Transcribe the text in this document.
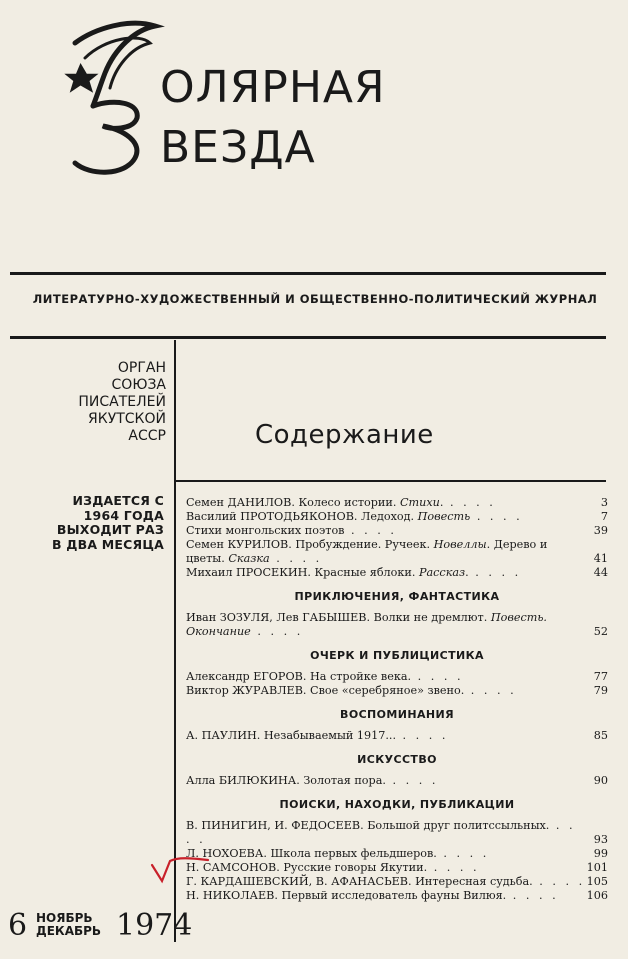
ОЛЯРНАЯ
ВЕЗДА
ЛИТЕРАТУРНО-ХУДОЖЕСТВЕННЫЙ И ОБЩЕСТВЕННО-ПОЛИТИЧЕСКИЙ ЖУРНАЛ
ОРГАН
СОЮЗА
ПИСАТЕЛЕЙ
ЯКУТСКОЙ
АССР
ИЗДАЕТСЯ С
1964 ГОДА
ВЫХОДИТ РАЗ
В ДВА МЕСЯЦА
Содержание
Семен ДАНИЛОВ. Колесо истории. Стихи. . . . .	3
Василий ПРОТОДЬЯКОНОВ. Ледоход. Повесть . . . .	7
Стихи монгольских поэтов . . . .	39
Семен КУРИЛОВ. Пробуждение. Ручеек. Новеллы. Дерево и цветы. Сказка . . . .	41
Михаил ПРОСЕКИН. Красные яблоки. Рассказ. . . . .	44
ПРИКЛЮЧЕНИЯ, ФАНТАСТИКА
Иван ЗОЗУЛЯ, Лев ГАБЫШЕВ. Волки не дремлют. Повесть. Окончание . . . .	52
ОЧЕРК И ПУБЛИЦИСТИКА
Александр ЕГОРОВ. На стройке века. . . . .	77
Виктор ЖУРАВЛЕВ. Свое «серебряное» звено. . . . .	79
ВОСПОМИНАНИЯ
А. ПАУЛИН. Незабываемый 1917... . . . .	85
ИСКУССТВО
Алла БИЛЮКИНА. Золотая пора. . . . .	90
ПОИСКИ, НАХОДКИ, ПУБЛИКАЦИИ
В. ПИНИГИН, И. ФЕДОСЕЕВ. Большой друг политссыльных. . . . .	93
Л. НОХОЕВА. Школа первых фельдшеров. . . . .	99
Н. САМСОНОВ. Русские говоры Якутии. . . . .	101
Г. КАРДАШЕВСКИЙ, В. АФАНАСЬЕВ. Интересная судьба. . . . . 105
Н. НИКОЛАЕВ. Первый исследователь фауны Вилюя. . . . .	106
6 НОЯБРЬ
ДЕКАБРЬ 1974
